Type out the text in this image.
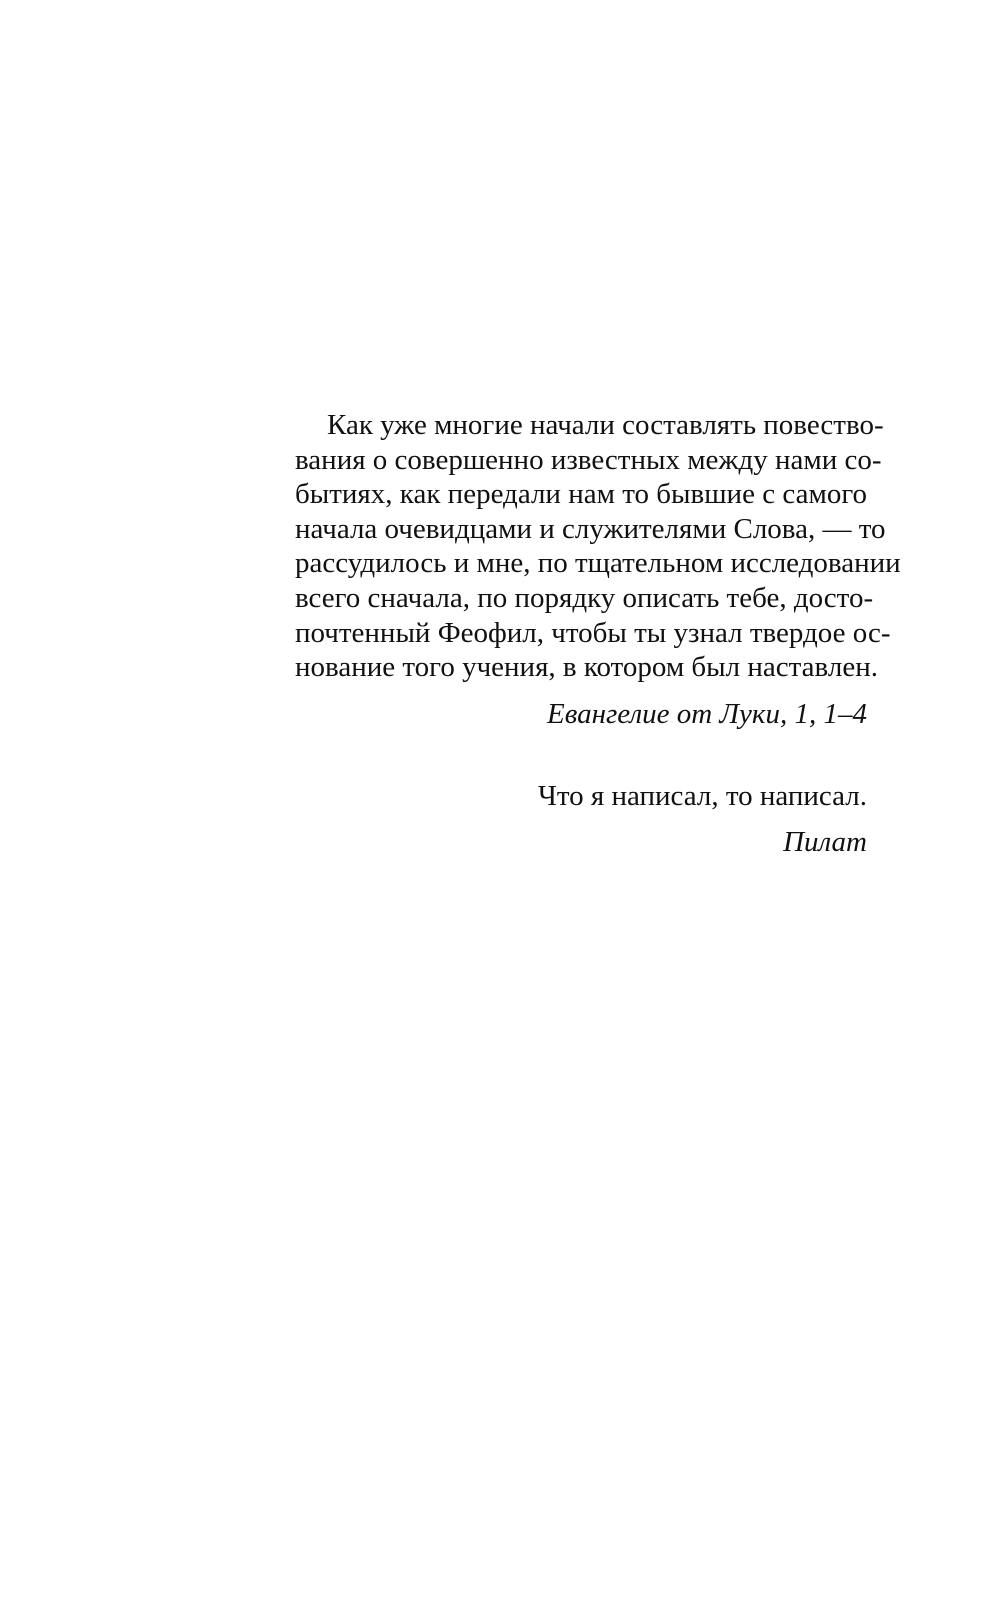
Как уже многие начали составлять повество-
вания о совершенно известных между нами со-
бытиях, как передали нам то бывшие с самого
начала очевидцами и служителями Слова, — то
рассудилось и мне, по тщательном исследовании
всего сначала, по порядку описать тебе, досто-
почтенный Феофил, чтобы ты узнал твердое ос-
нование того учения, в котором был наставлен.
Евангелие от Луки, 1, 1–4
Что я написал, то написал.
Пилат
